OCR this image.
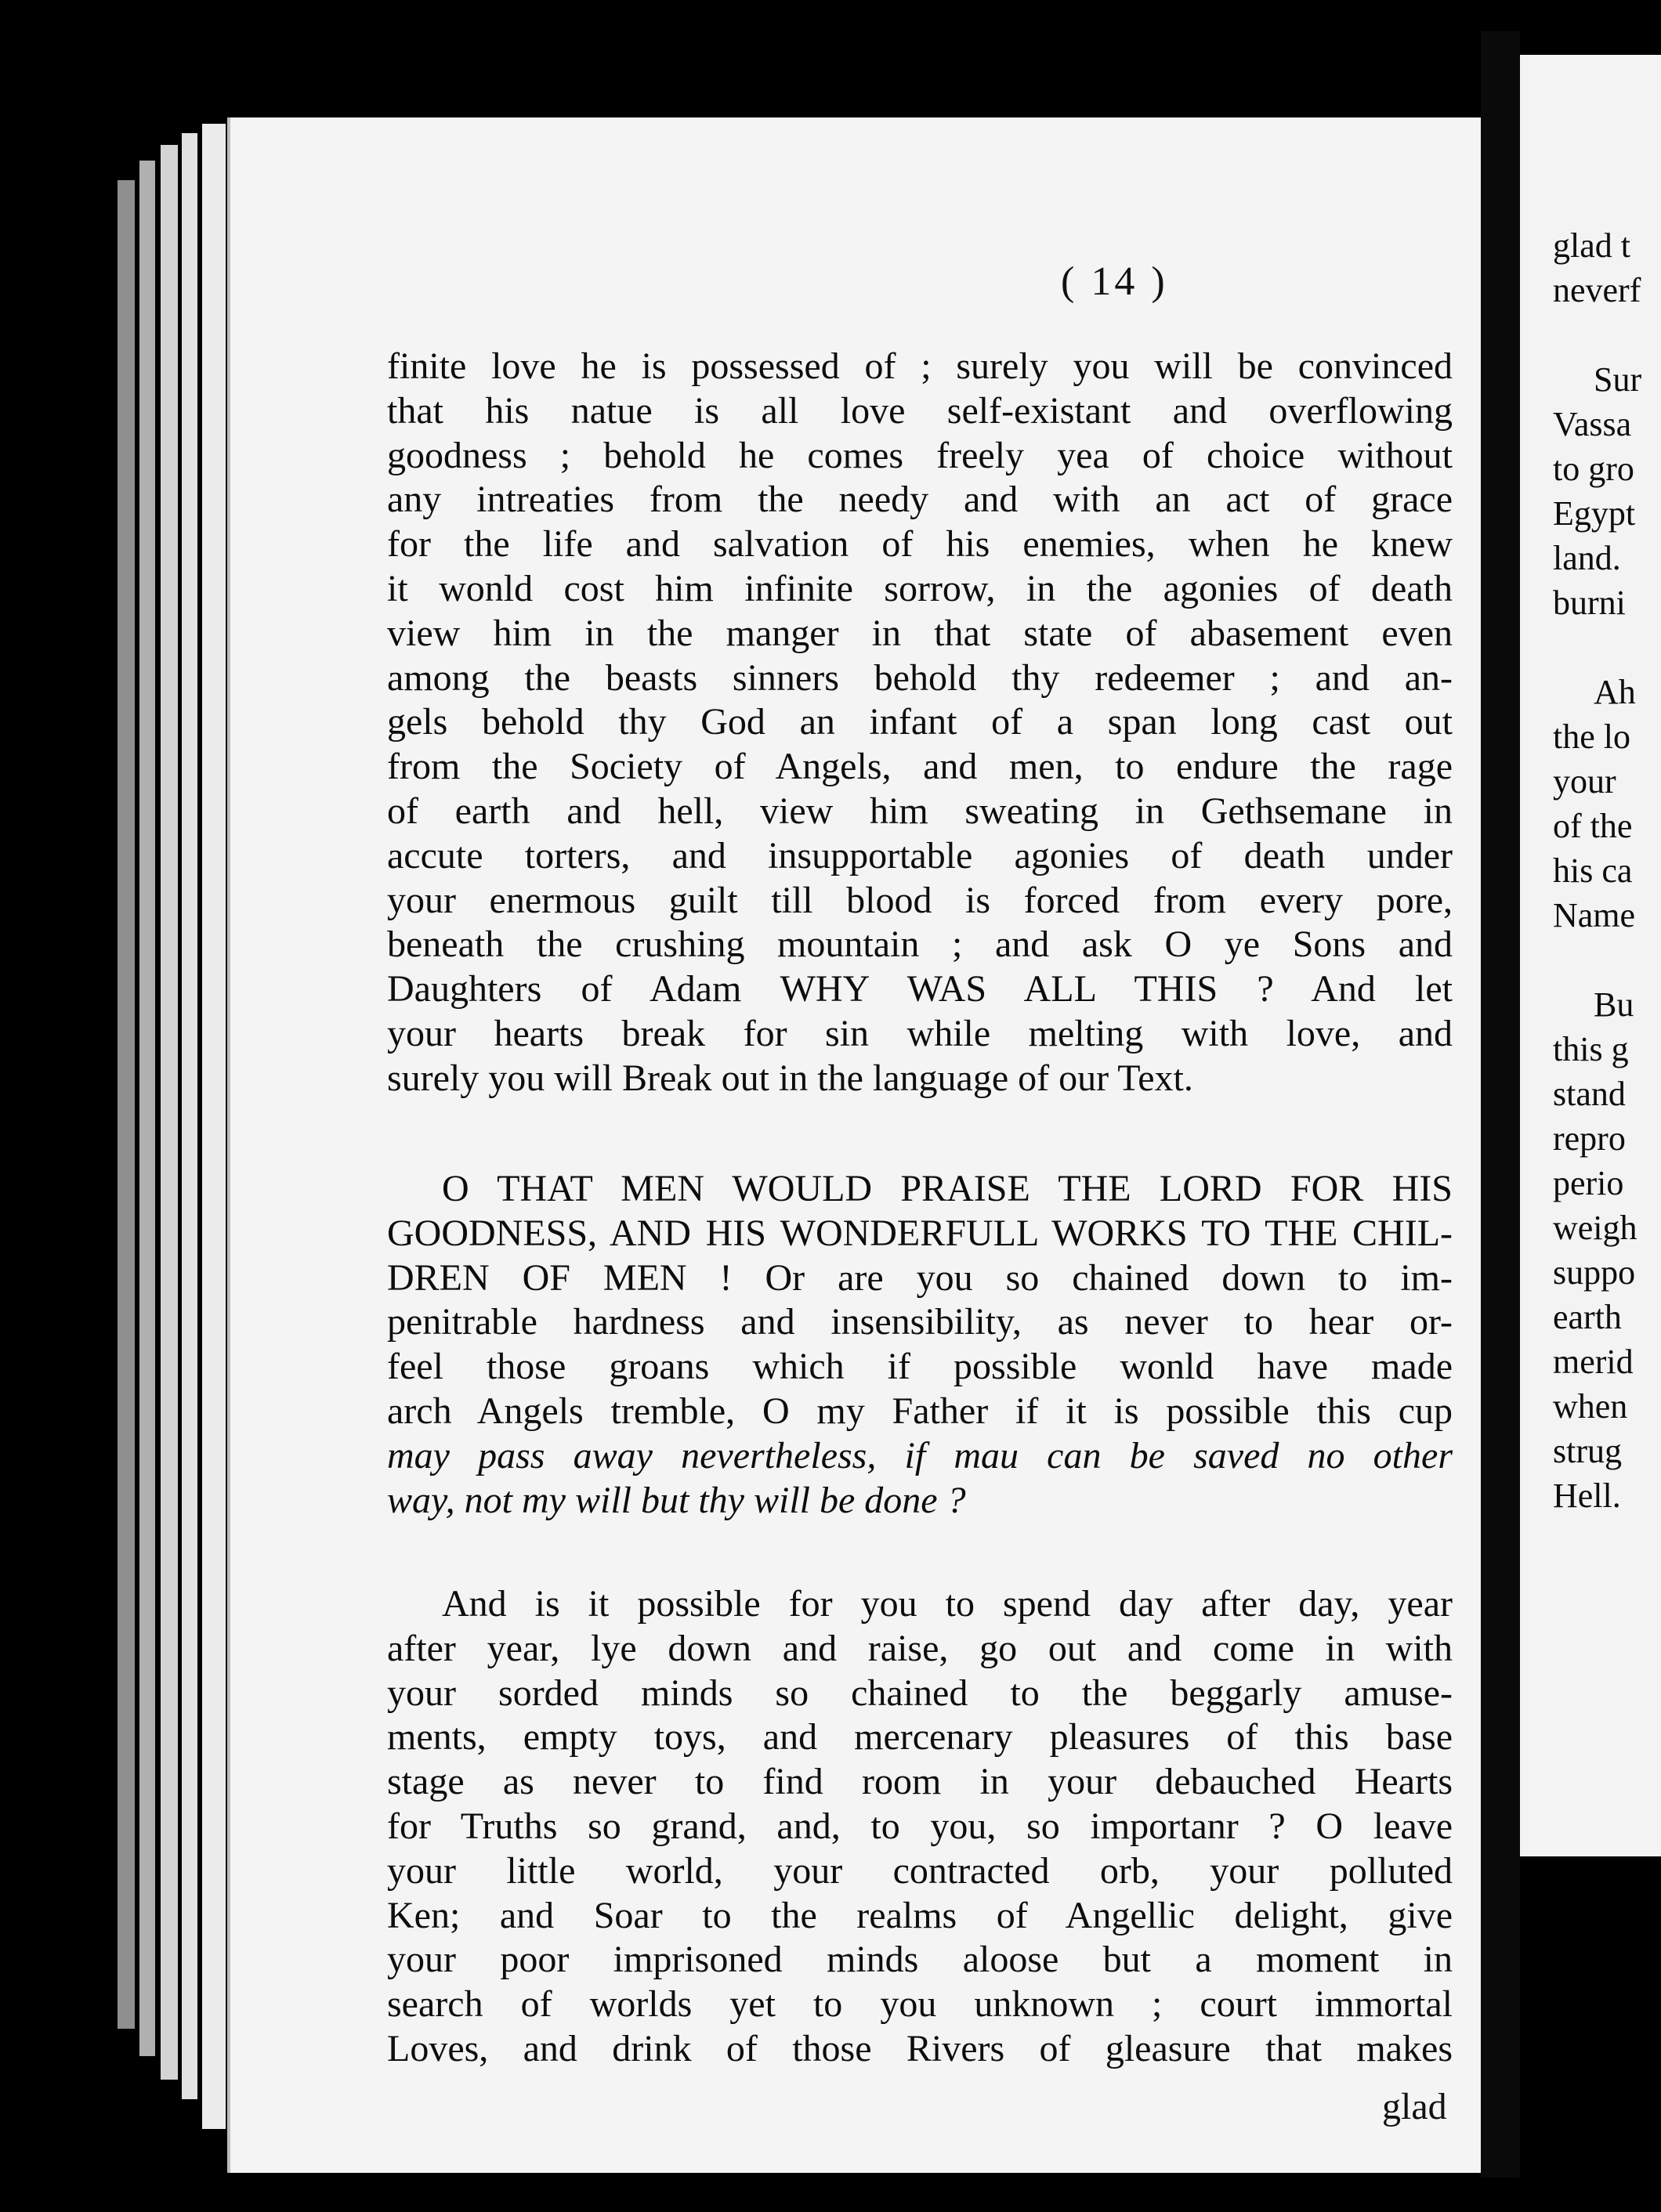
( 14 )
finite love he is possessed of ; surely you will be convinced
that his natue is all love self-existant and overflowing
goodness ; behold he comes freely yea of choice without
any intreaties from the needy and with an act of grace
for the life and salvation of his enemies, when he knew
it wonld cost him infinite sorrow, in the agonies of death
view him in the manger in that state of abasement even
among the beasts sinners behold thy redeemer ; and an-
gels behold thy God an infant of a span long cast out
from the Society of Angels, and men, to endure the rage
of earth and hell, view him sweating in Gethsemane in
accute torters, and insupportable agonies of death under
your enermous guilt till blood is forced from every pore,
beneath the crushing mountain ; and ask O ye Sons and
Daughters of Adam WHY WAS ALL THIS ? And let
your hearts break for sin while melting with love, and
surely you will Break out in the language of our Text.
O THAT MEN WOULD PRAISE THE LORD FOR HIS
GOODNESS, AND HIS WONDERFULL WORKS TO THE CHIL-
DREN OF MEN ! Or are you so chained down to im-
penitrable hardness and insensibility, as never to hear or-
feel those groans which if possible wonld have made
arch Angels tremble, O my Father if it is possible this cup
may pass away nevertheless, if mau can be saved no other
way, not my will but thy will be done ?
And is it possible for you to spend day after day, year
after year, lye down and raise, go out and come in with
your sorded minds so chained to the beggarly amuse-
ments, empty toys, and mercenary pleasures of this base
stage as never to find room in your debauched Hearts
for Truths so grand, and, to you, so importanr ? O leave
your little world, your contracted orb, your polluted
Ken; and Soar to the realms of Angellic delight, give
your poor imprisoned minds aloose but a moment in
search of worlds yet to you unknown ; court immortal
Loves, and drink of those Rivers of gleasure that makes
glad
glad t
neverf
Sur
Vassa
to gro
Egypt
land.
burni
Ah
the lo
your
of the
his ca
Name
Bu
this g
stand
repro
perio
weigh
suppo
earth
merid
when
strug
Hell.
